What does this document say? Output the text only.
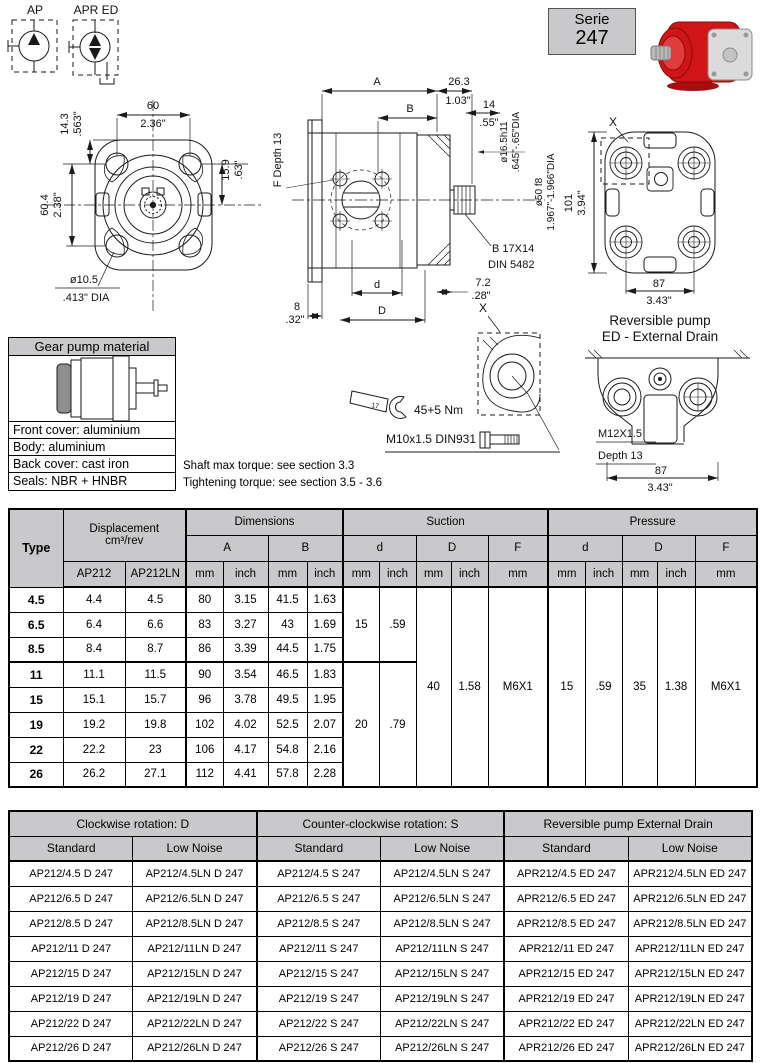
AP	APR ED
60
2.36"
14.3 .563"
60.4 2.38"
15.9 .63"
ø10.5
.413" DIA
F Depth 13
A	26.3
1.03"
B	14
.55" ø16.5h11 .645"-.65"DIA
ø50 f8 1.967"-1.966"DIA
B 17X14
DIN 5482
d	7.2
.28"
D
8
.32"
X
17	45+5 Nm
M10x1.5 DIN931
X
101 3.94"
87
3.43"
Reversible pump
ED - External Drain
M12X1.5
Depth 13
87
3.43"
Serie
247
Gear pump material
Front cover: aluminium
Body: aluminium
Back cover: cast iron
Seals: NBR + HNBR
Shaft max torque: see section 3.3
Tightening torque: see section 3.5 - 3.6
Type	Displacement
cm³/rev		Dimensions				Suction					Pressure				
			A		B		d		D		F	d		D		F
	AP212	AP212LN	mm	inch	mm	inch	mm	inch	mm	inch	mm	mm	inch	mm	inch	mm
4.5	4.4	4.5	80	3.15	41.5	1.63	15	.59	40	1.58	M6X1	15	.59	35	1.38	M6X1
6.5	6.4	6.6	83	3.27	43	1.69										
8.5	8.4	8.7	86	3.39	44.5	1.75										
11	11.1	11.5	90	3.54	46.5	1.83	20	.79								
15	15.1	15.7	96	3.78	49.5	1.95										
19	19.2	19.8	102	4.02	52.5	2.07										
22	22.2	23	106	4.17	54.8	2.16										
26	26.2	27.1	112	4.41	57.8	2.28										
Clockwise rotation: D		Counter-clockwise rotation: S		Reversible pump External Drain	
Standard	Low Noise	Standard	Low Noise	Standard	Low Noise
AP212/4.5 D 247	AP212/4.5LN D 247	AP212/4.5 S 247	AP212/4.5LN S 247	APR212/4.5 ED 247	APR212/4.5LN ED 247
AP212/6.5 D 247	AP212/6.5LN D 247	AP212/6.5 S 247	AP212/6.5LN S 247	APR212/6.5 ED 247	APR212/6.5LN ED 247
AP212/8.5 D 247	AP212/8.5LN D 247	AP212/8.5 S 247	AP212/8.5LN S 247	APR212/8.5 ED 247	APR212/8.5LN ED 247
AP212/11 D 247	AP212/11LN D 247	AP212/11 S 247	AP212/11LN S 247	APR212/11 ED 247	APR212/11LN ED 247
AP212/15 D 247	AP212/15LN D 247	AP212/15 S 247	AP212/15LN S 247	APR212/15 ED 247	APR212/15LN ED 247
AP212/19 D 247	AP212/19LN D 247	AP212/19 S 247	AP212/19LN S 247	APR212/19 ED 247	APR212/19LN ED 247
AP212/22 D 247	AP212/22LN D 247	AP212/22 S 247	AP212/22LN S 247	APR212/22 ED 247	APR212/22LN ED 247
AP212/26 D 247	AP212/26LN D 247	AP212/26 S 247	AP212/26LN S 247	APR212/26 ED 247	APR212/26LN ED 247
